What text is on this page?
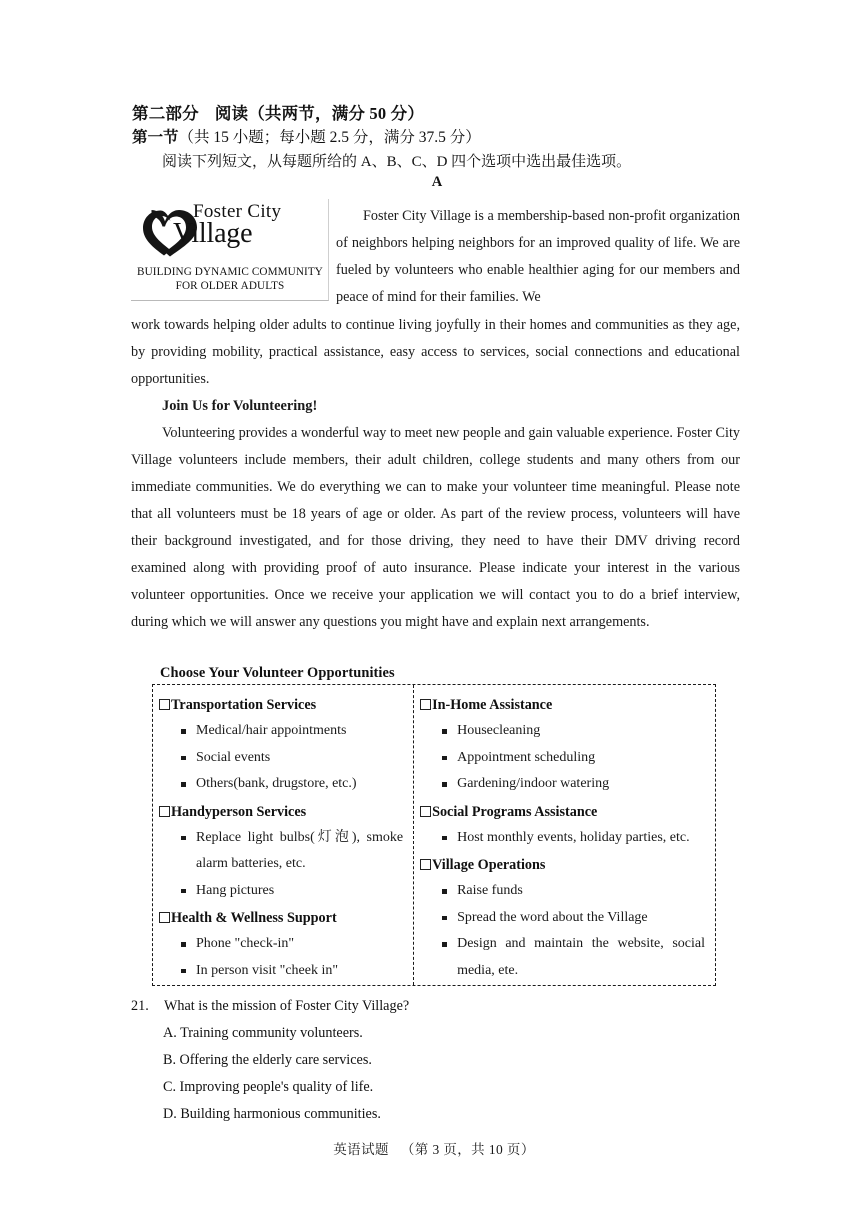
第二部分 阅读（共两节，满分 50 分）
第一节（共 15 小题；每小题 2.5 分，满分 37.5 分）
阅读下列短文，从每题所给的 A、B、C、D 四个选项中选出最佳选项。
A
Foster City
Village
BUILDING DYNAMIC COMMUNITY
FOR OLDER ADULTS
Foster City Village is a membership-based non-profit organization of neighbors helping neighbors for an improved quality of life. We are fueled by volunteers who enable healthier aging for our members and peace of mind for their families. We
work towards helping older adults to continue living joyfully in their homes and communities as they age, by providing mobility, practical assistance, easy access to services, social connections and educational opportunities.
Join Us for Volunteering!
Volunteering provides a wonderful way to meet new people and gain valuable experience. Foster City Village volunteers include members, their adult children, college students and many others from our immediate communities. We do everything we can to make your volunteer time meaningful. Please note that all volunteers must be 18 years of age or older. As part of the review process, volunteers will have their background investigated, and for those driving, they need to have their DMV driving record examined along with providing proof of auto insurance. Please indicate your interest in the various volunteer opportunities. Once we receive your application we will contact you to do a brief interview, during which we will answer any questions you might have and explain next arrangements.
Choose Your Volunteer Opportunities
Transportation Services
Medical/hair appointments
Social events
Others(bank, drugstore, etc.)
Handyperson Services
Replace light bulbs(灯泡), smoke alarm batteries, etc.
Hang pictures
Health & Wellness Support
Phone "check-in"
In person visit "cheek in"
In-Home Assistance
Housecleaning
Appointment scheduling
Gardening/indoor watering
Social Programs Assistance
Host monthly events, holiday parties, etc.
Village Operations
Raise funds
Spread the word about the Village
Design and maintain the website, social media, ete.
21. What is the mission of Foster City Village?
A. Training community volunteers.
B. Offering the elderly care services.
C. Improving people's quality of life.
D. Building harmonious communities.
英语试题 （第 3 页，共 10 页）
